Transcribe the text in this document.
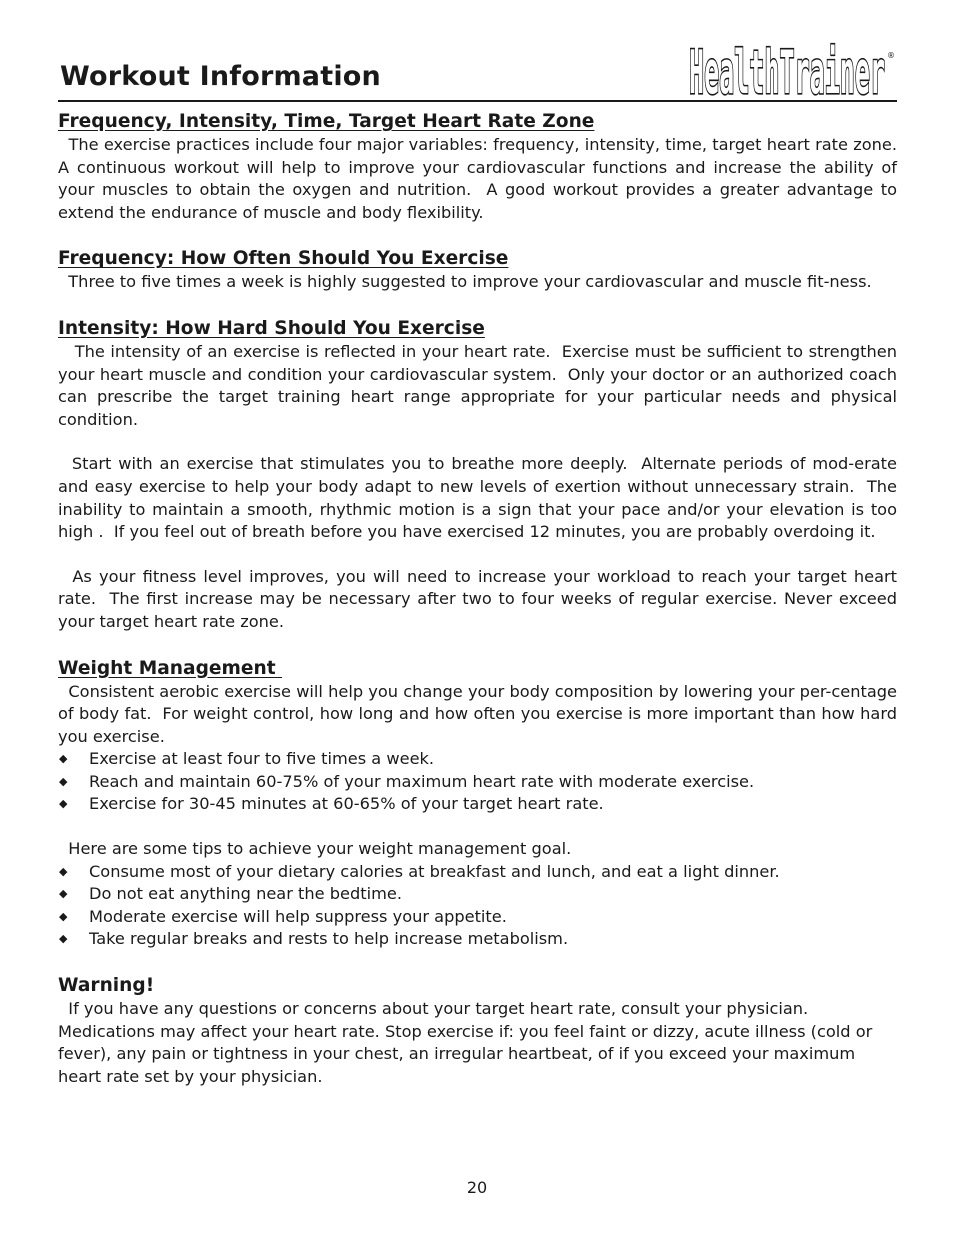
Workout Information	HealthTrainer ®
Frequency, Intensity, Time, Target Heart Rate Zone

The exercise practices include four major variables: frequency, intensity, time, target heart rate zone.  A continuous workout will help to improve your cardiovascular functions and increase the ability of your muscles to obtain the oxygen and nutrition.  A good workout provides a greater advantage to extend the endurance of muscle and body flexibility.

Frequency: How Often Should You Exercise

Three to five times a week is highly suggested to improve your cardiovascular and muscle fit-ness.

Intensity: How Hard Should You Exercise

The intensity of an exercise is reflected in your heart rate.  Exercise must be sufficient to strengthen your heart muscle and condition your cardiovascular system.  Only your doctor or an authorized coach can prescribe the target training heart range appropriate for your particular needs and physical condition.

Start with an exercise that stimulates you to breathe more deeply.  Alternate periods of mod-erate and easy exercise to help your body adapt to new levels of exertion without unnecessary strain.  The inability to maintain a smooth, rhythmic motion is a sign that your pace and/or your elevation is too high .  If you feel out of breath before you have exercised 12 minutes, you are probably overdoing it.

As your fitness level improves, you will need to increase your workload to reach your target heart rate.  The first increase may be necessary after two to four weeks of regular exercise. Never exceed your target heart rate zone.

Weight Management

Consistent aerobic exercise will help you change your body composition by lowering your per-centage of body fat.  For weight control, how long and how often you exercise is more important than how hard you exercise.

◆ Exercise at least four to five times a week.
◆ Reach and maintain 60-75% of your maximum heart rate with moderate exercise.
◆ Exercise for 30-45 minutes at 60-65% of your target heart rate.

Here are some tips to achieve your weight management goal.

◆ Consume most of your dietary calories at breakfast and lunch, and eat a light dinner.
◆ Do not eat anything near the bedtime.
◆ Moderate exercise will help suppress your appetite.
◆ Take regular breaks and rests to help increase metabolism.
Warning!

If you have any questions or concerns about your target heart rate, consult your physician. Medications may affect your heart rate. Stop exercise if: you feel faint or dizzy, acute illness (cold or fever), any pain or tightness in your chest, an irregular heartbeat, of if you exceed your maximum heart rate set by your physician.

20
